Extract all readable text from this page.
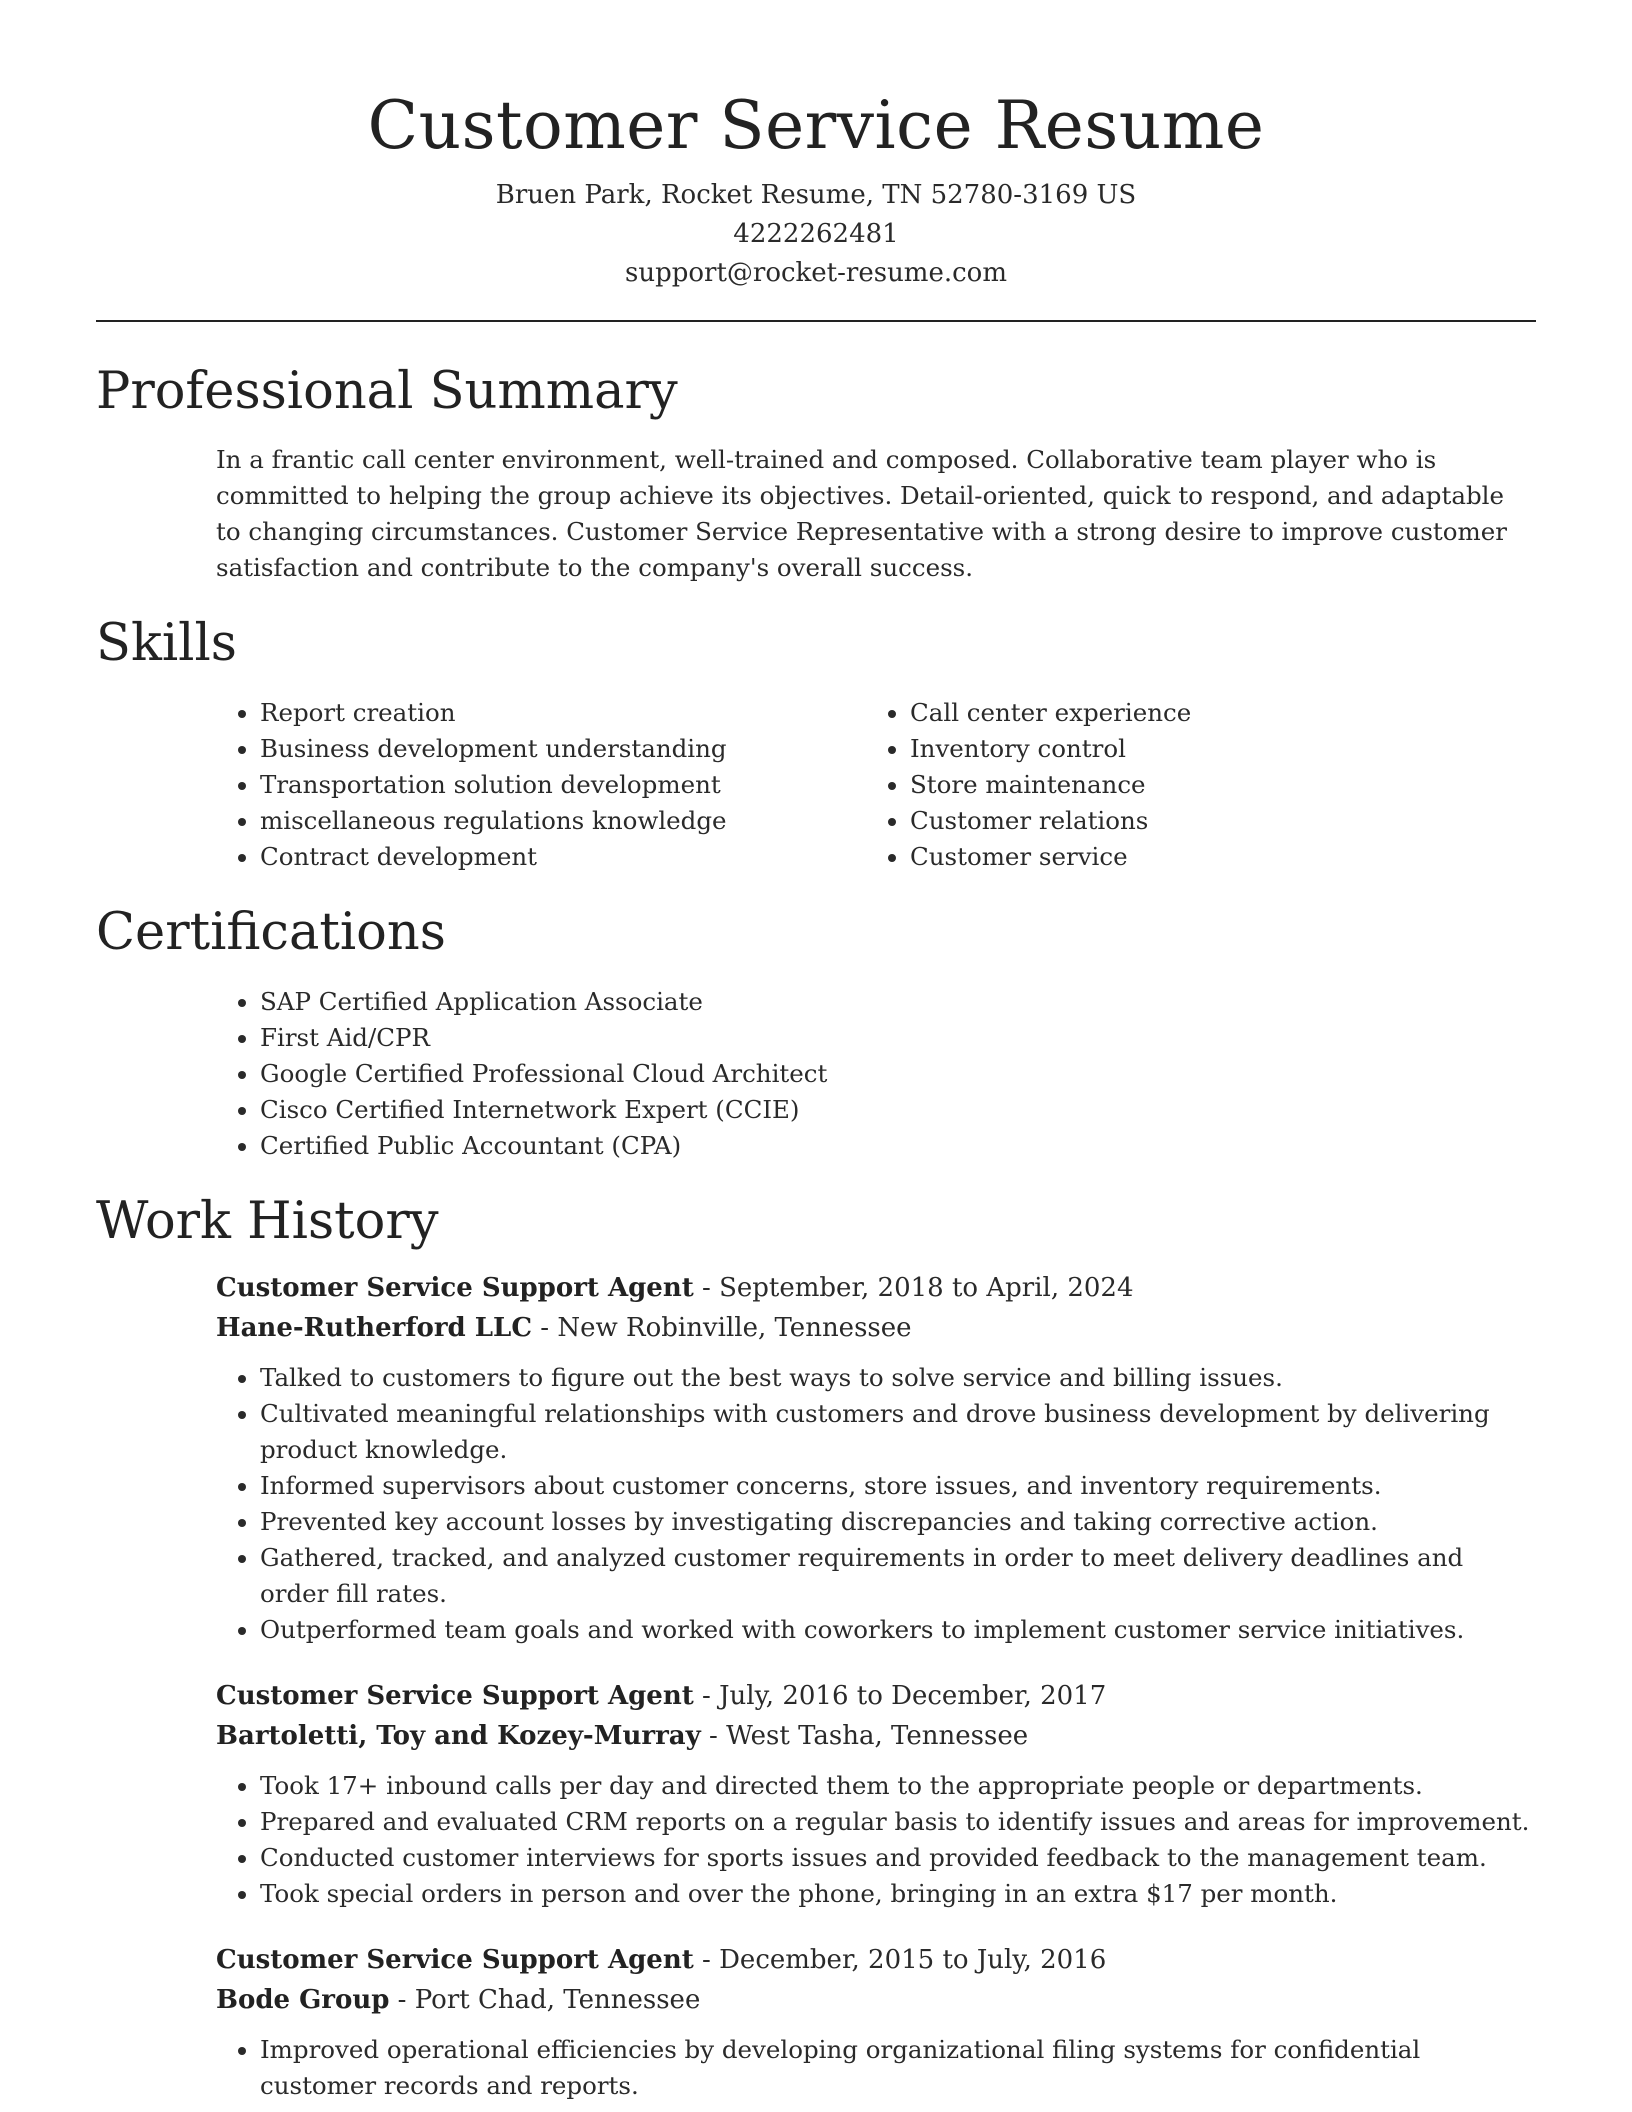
Customer Service Resume
Bruen Park, Rocket Resume, TN 52780-3169 US
4222262481
support@rocket-resume.com
Professional Summary
In a frantic call center environment, well-trained and composed. Collaborative team player who is committed to helping the group achieve its objectives. Detail-oriented, quick to respond, and adaptable to changing circumstances. Customer Service Representative with a strong desire to improve customer satisfaction and contribute to the company's overall success.
Skills
• Report creation
• Business development understanding
• Transportation solution development
• miscellaneous regulations knowledge
• Contract development
• Call center experience
• Inventory control
• Store maintenance
• Customer relations
• Customer service
Certifications
• SAP Certified Application Associate
• First Aid/CPR
• Google Certified Professional Cloud Architect
• Cisco Certified Internetwork Expert (CCIE)
• Certified Public Accountant (CPA)
Work History
Customer Service Support Agent - September, 2018 to April, 2024
Hane-Rutherford LLC - New Robinville, Tennessee
• Talked to customers to figure out the best ways to solve service and billing issues.
• Cultivated meaningful relationships with customers and drove business development by delivering product knowledge.
• Informed supervisors about customer concerns, store issues, and inventory requirements.
• Prevented key account losses by investigating discrepancies and taking corrective action.
• Gathered, tracked, and analyzed customer requirements in order to meet delivery deadlines and order fill rates.
• Outperformed team goals and worked with coworkers to implement customer service initiatives.
Customer Service Support Agent - July, 2016 to December, 2017
Bartoletti, Toy and Kozey-Murray - West Tasha, Tennessee
• Took 17+ inbound calls per day and directed them to the appropriate people or departments.
• Prepared and evaluated CRM reports on a regular basis to identify issues and areas for improvement.
• Conducted customer interviews for sports issues and provided feedback to the management team.
• Took special orders in person and over the phone, bringing in an extra $17 per month.
Customer Service Support Agent - December, 2015 to July, 2016
Bode Group - Port Chad, Tennessee
• Improved operational efficiencies by developing organizational filing systems for confidential customer records and reports.
